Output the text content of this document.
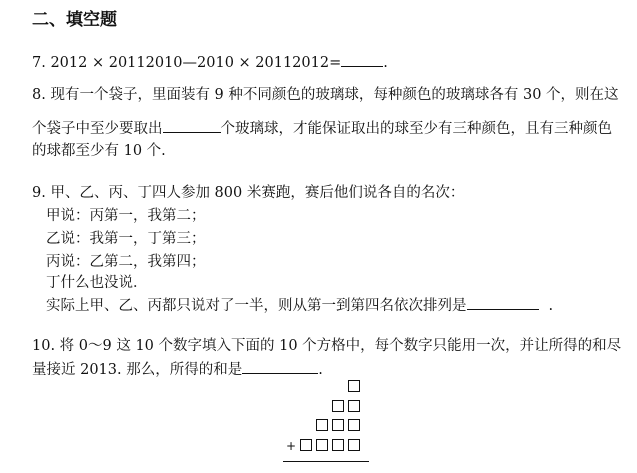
二、填空题
7. 2012 × 20112010—2010 × 20112012=	.
8. 现有一个袋子，里面装有 9 种不同颜色的玻璃球，每种颜色的玻璃球各有 30 个，则在这
个袋子中至少要取出	个玻璃球，才能保证取出的球至少有三种颜色，且有三种颜色
的球都至少有 10 个.
9. 甲、乙、丙、丁四人参加 800 米赛跑，赛后他们说各自的名次：
甲说：丙第一，我第二；
乙说：我第一，丁第三；
丙说：乙第二，我第四；
丁什么也没说．
实际上甲、乙、丙都只说对了一半，则从第一到第四名依次排列是	.
10. 将 0～9 这 10 个数字填入下面的 10 个方格中，每个数字只能用一次，并让所得的和尽
量接近 2013. 那么，所得的和是	.
+
